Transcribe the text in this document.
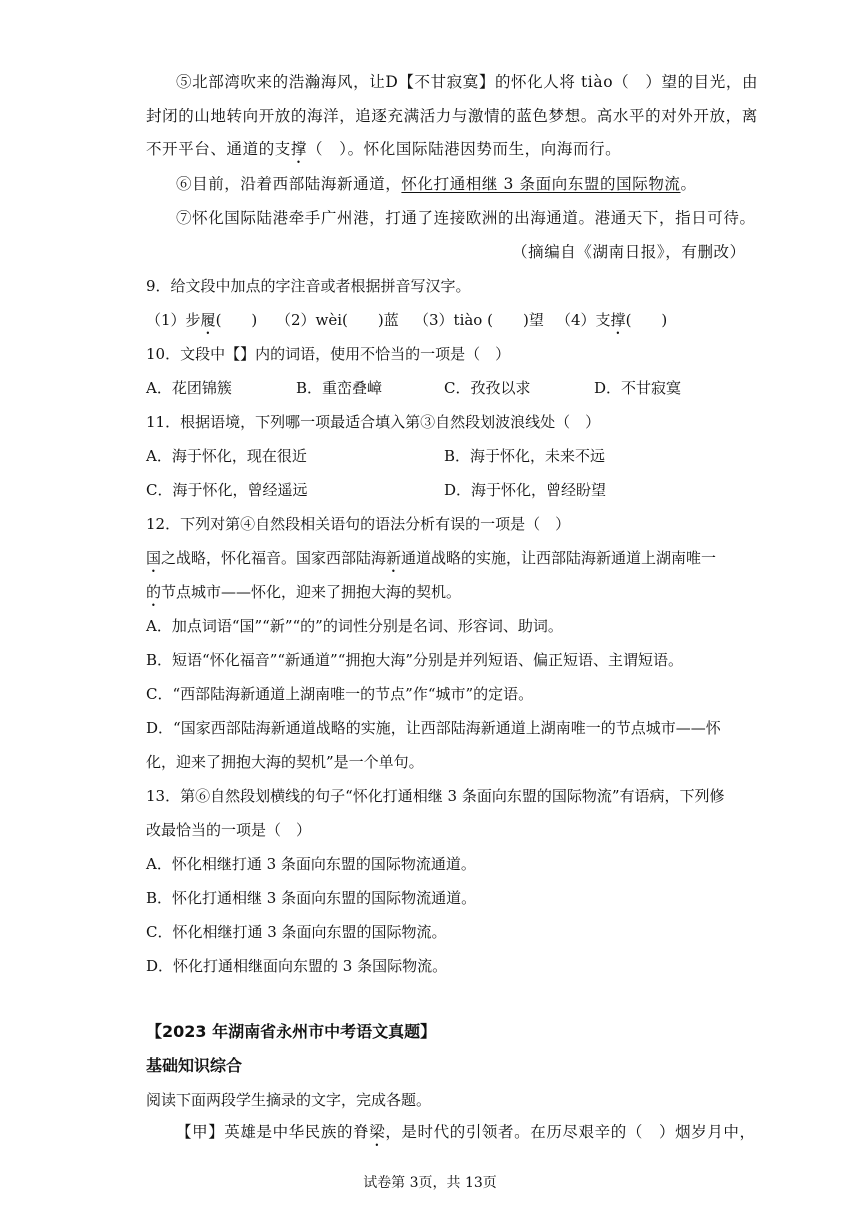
⑤北部湾吹来的浩瀚海风，让D【不甘寂寞】的怀化人将 tiào（　）望的目光，由
封闭的山地转向开放的海洋，追逐充满活力与激情的蓝色梦想。高水平的对外开放，离
不开平台、通道的支撑（　）。怀化国际陆港因势而生，向海而行。
⑥目前，沿着西部陆海新通道，怀化打通相继 3 条面向东盟的国际物流。
⑦怀化国际陆港牵手广州港，打通了连接欧洲的出海通道。港通天下，指日可待。
（摘编自《湖南日报》，有删改）
9．给文段中加点的字注音或者根据拼音写汉字。
（1）步履(　　) （2）wèi(　　)蓝 （3）tiào (　　)望 （4）支撑(　　)
10．文段中【】内的词语，使用不恰当的一项是（　）
A．花团锦簇	B．重峦叠嶂	C．孜孜以求	D．不甘寂寞
11．根据语境，下列哪一项最适合填入第③自然段划波浪线处（　）
A．海于怀化，现在很近	B．海于怀化，未来不远
C．海于怀化，曾经遥远	D．海于怀化，曾经盼望
12．下列对第④自然段相关语句的语法分析有误的一项是（　）
国之战略，怀化福音。国家西部陆海新通道战略的实施，让西部陆海新通道上湖南唯一
的节点城市——怀化，迎来了拥抱大海的契机。
A．加点词语“国”“新”“的”的词性分别是名词、形容词、助词。
B．短语“怀化福音”“新通道”“拥抱大海”分别是并列短语、偏正短语、主谓短语。
C．“西部陆海新通道上湖南唯一的节点”作“城市”的定语。
D．“国家西部陆海新通道战略的实施，让西部陆海新通道上湖南唯一的节点城市——怀
化，迎来了拥抱大海的契机”是一个单句。
13．第⑥自然段划横线的句子“怀化打通相继 3 条面向东盟的国际物流”有语病，下列修
改最恰当的一项是（　）
A．怀化相继打通 3 条面向东盟的国际物流通道。
B．怀化打通相继 3 条面向东盟的国际物流通道。
C．怀化相继打通 3 条面向东盟的国际物流。
D．怀化打通相继面向东盟的 3 条国际物流。
【2023 年湖南省永州市中考语文真题】
基础知识综合
阅读下面两段学生摘录的文字，完成各题。
【甲】英雄是中华民族的脊梁，是时代的引领者。在历尽艰辛的（　）烟岁月中，
试卷第 3页，共 13页
